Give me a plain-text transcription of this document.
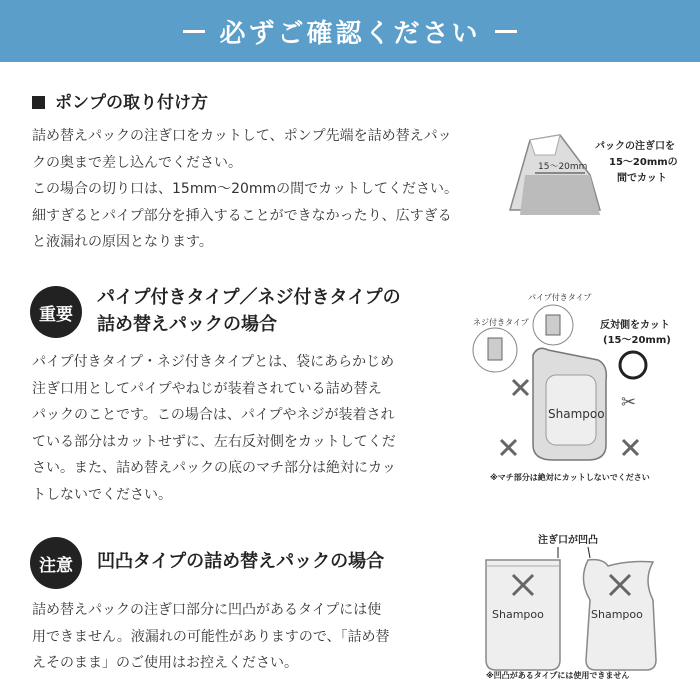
必ずご確認ください
ポンプの取り付け方
詰め替えパックの注ぎ口をカットして、ポンプ先端を詰め替えパッ
クの奥まで差し込んでください。
この場合の切り口は、15mm〜20mmの間でカットしてください。
細すぎるとパイプ部分を挿入することができなかったり、広すぎる
と液漏れの原因となります。
15〜20mm
パックの注ぎ口を
15〜20mmの
間でカット
重要
パイプ付きタイプ／ネジ付きタイプの
詰め替えパックの場合
パイプ付きタイプ・ネジ付きタイプとは、袋にあらかじめ
注ぎ口用としてパイプやねじが装着されている詰め替え
パックのことです。この場合は、パイプやネジが装着され
ている部分はカットせずに、左右反対側をカットしてくだ
さい。また、詰め替えパックの底のマチ部分は絶対にカッ
トしないでください。
パイプ付きタイプ
ネジ付きタイプ
Shampoo
反対側をカット
(15〜20mm)
✂
※マチ部分は絶対にカットしないでください
注意 凹凸タイプの詰め替えパックの場合
詰め替えパックの注ぎ口部分に凹凸があるタイプには使
用できません。液漏れの可能性がありますので、「詰め替
えそのまま」のご使用はお控えください。
注ぎ口が凹凸
Shampoo	Shampoo
※凹凸があるタイプには使用できません
